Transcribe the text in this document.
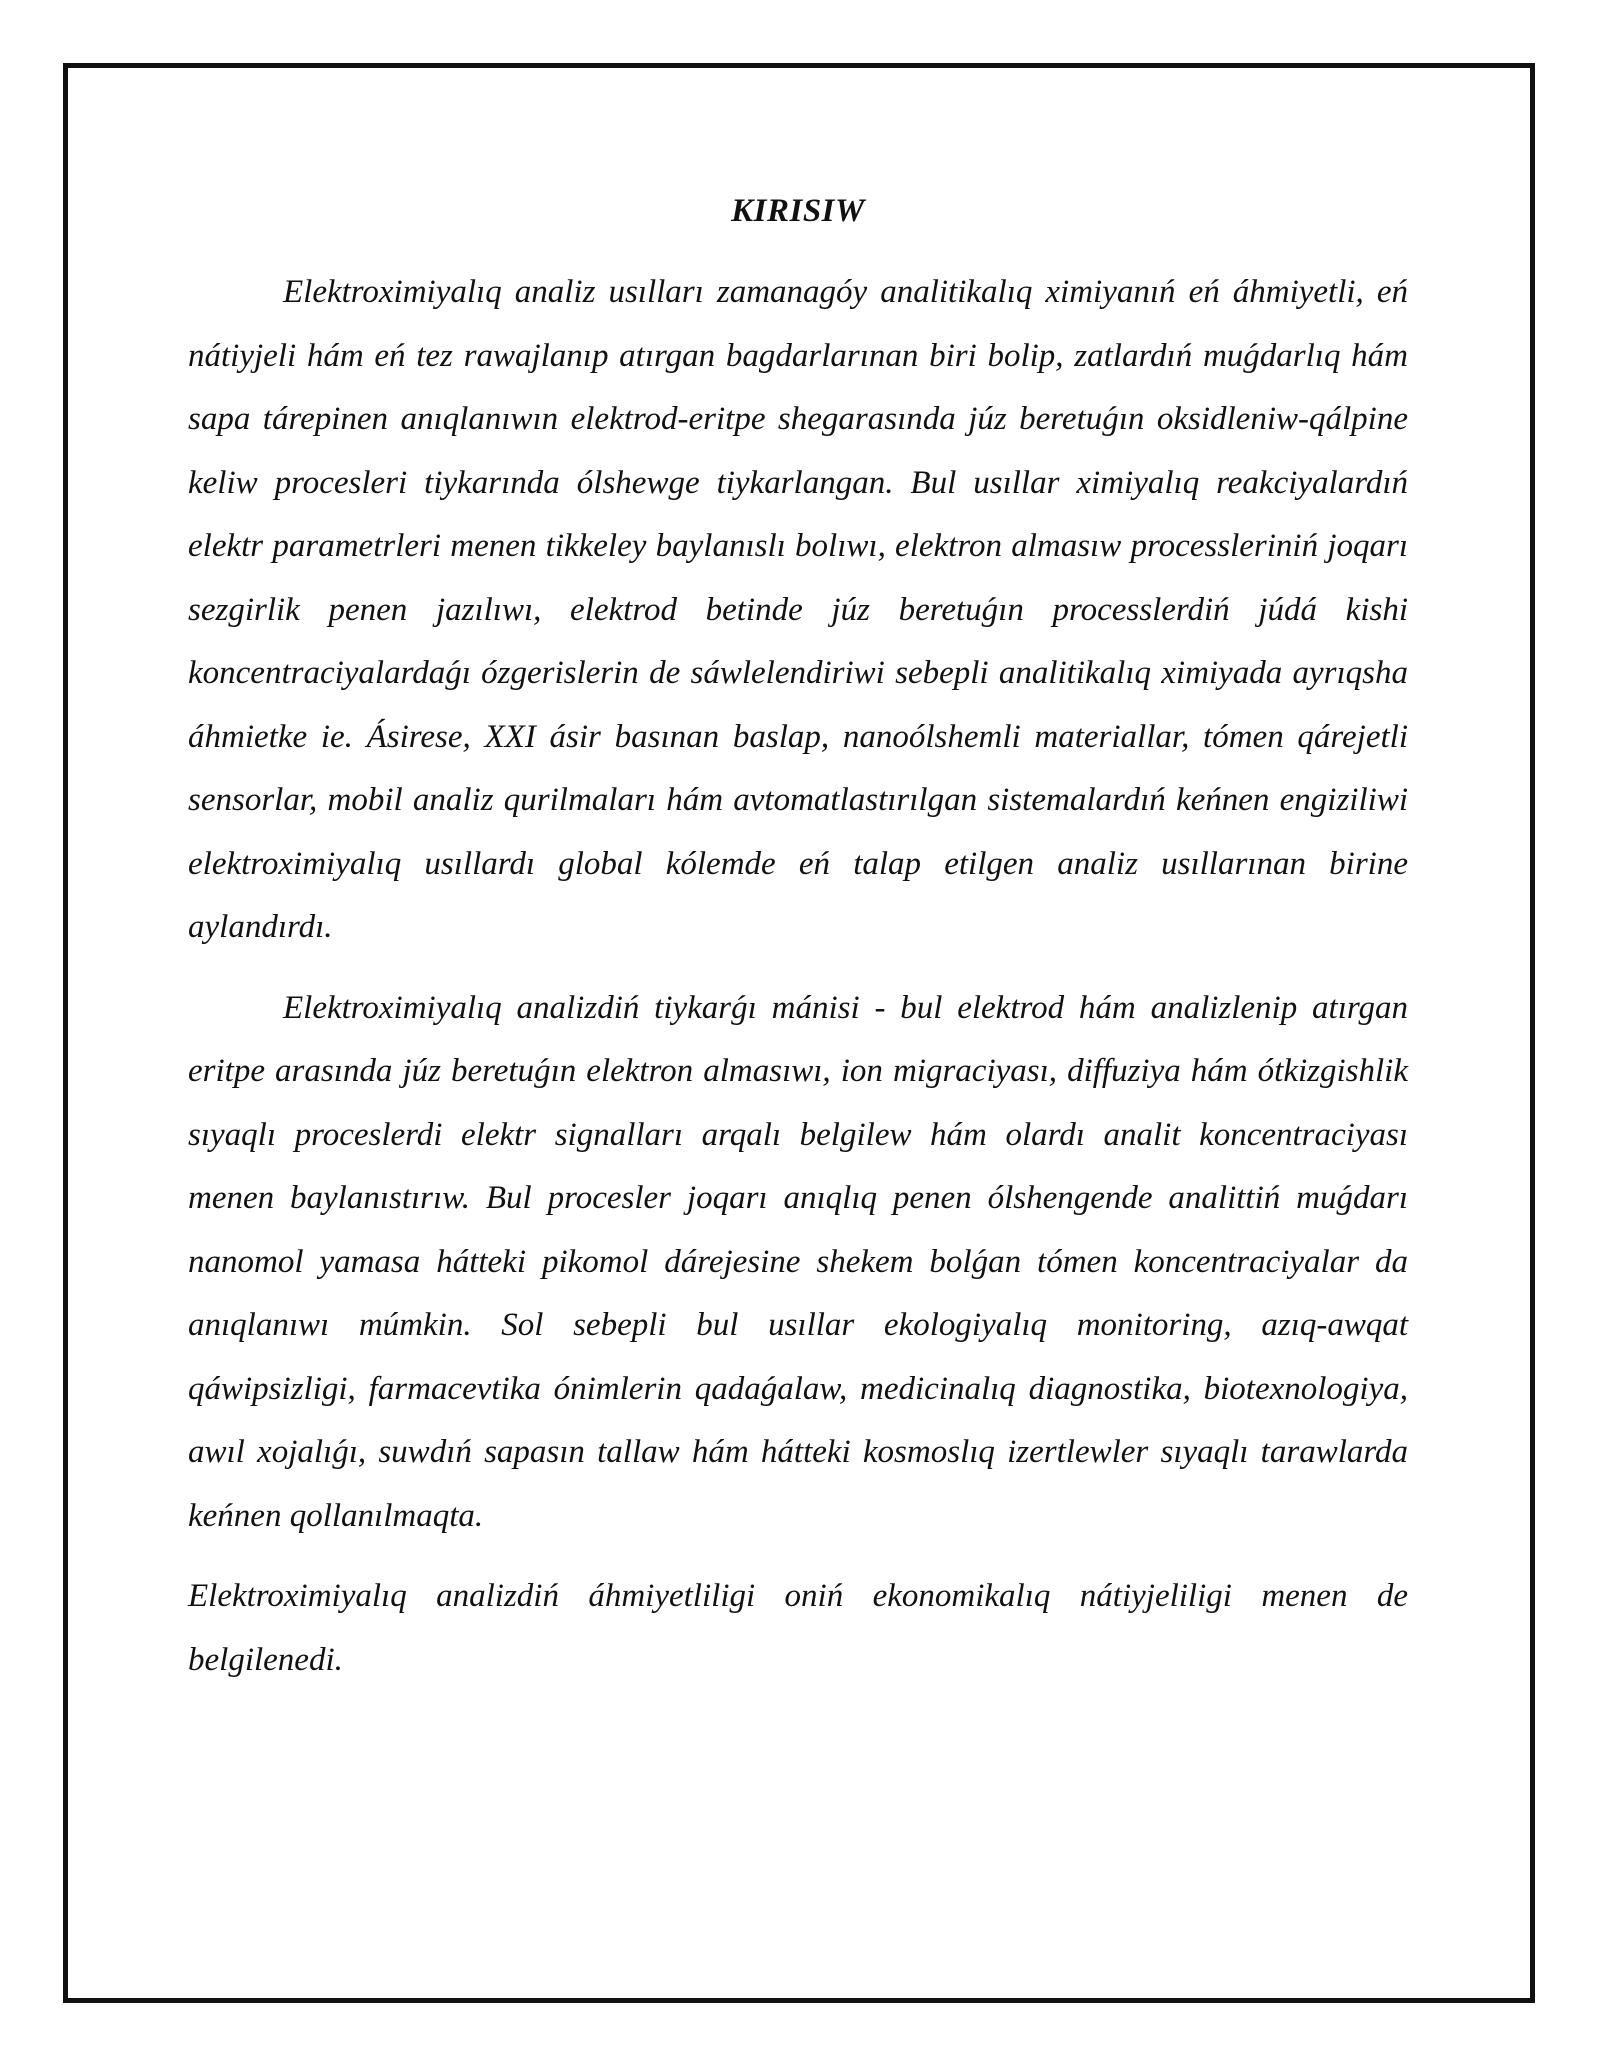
KIRISIW

Elektroximiyalıq analiz usılları zamanagóy analitikalıq ximiyanıń eń áhmiyetli, eń nátiyjeli hám eń tez rawajlanıp atırgan bagdarlarınan biri bolip, zatlardıń muǵdarlıq hám sapa tárepinen anıqlanıwın elektrod-eritpe shegarasında júz beretuǵın oksidleniw-qálpine keliw procesleri tiykarında ólshewge tiykarlangan. Bul usıllar ximiyalıq reakciyalardıń elektr parametrleri menen tikkeley baylanıslı bolıwı, elektron almasıw processleriniń joqarı sezgirlik penen jazılıwı, elektrod betinde júz beretuǵın processlerdiń júdá kishi koncentraciyalardaǵı ózgerislerin de sáwlelendiriwi sebepli analitikalıq ximiyada ayrıqsha áhmietke ie. Ásirese, XXI ásir basınan baslap, nanoólshemli materiallar, tómen qárejetli sensorlar, mobil analiz qurilmaları hám avtomatlastırılgan sistemalardıń keńnen engiziliwi elektroximiyalıq usıllardı global kólemde eń talap etilgen analiz usıllarınan birine aylandırdı.

Elektroximiyalıq analizdiń tiykarǵı mánisi - bul elektrod hám analizlenip atırgan eritpe arasında júz beretuǵın elektron almasıwı, ion migraciyası, diffuziya hám ótkizgishlik sıyaqlı proceslerdi elektr signalları arqalı belgilew hám olardı analit koncentraciyası menen baylanıstırıw. Bul procesler joqarı anıqlıq penen ólshengende analittiń muǵdarı nanomol yamasa hátteki pikomol dárejesine shekem bolǵan tómen koncentraciyalar da anıqlanıwı múmkin. Sol sebepli bul usıllar ekologiyalıq monitoring, azıq-awqat qáwipsizligi, farmacevtika ónimlerin qadaǵalaw, medicinalıq diagnostika, biotexnologiya, awıl xojalıǵı, suwdıń sapasın tallaw hám hátteki kosmoslıq izertlewler sıyaqlı tarawlarda keńnen qollanılmaqta.

Elektroximiyalıq analizdiń áhmiyetliligi oniń ekonomikalıq nátiyjeliligi menen de belgilenedi.
